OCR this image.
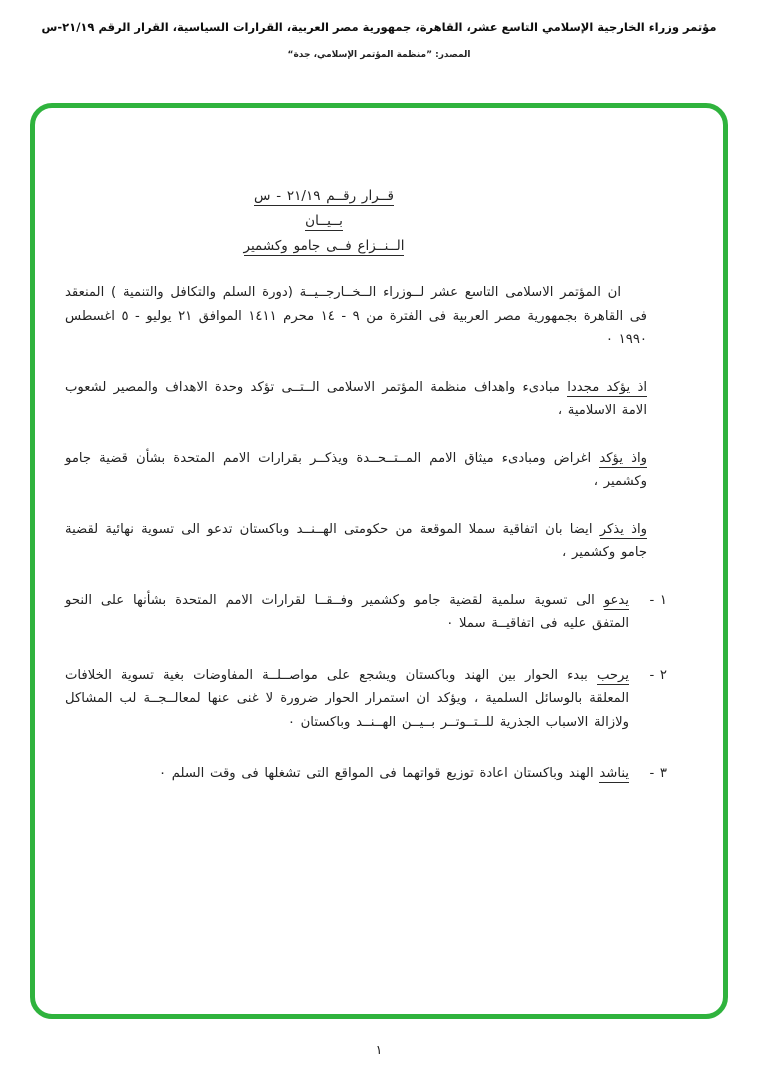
مؤتمر وزراء الخارجية الإسلامي التاسع عشر، القاهرة، جمهورية مصر العربية، القرارات السياسية، القرار الرقم ٢١/١٩-س
المصدر: ”منظمة المؤتمر الإسلامي، جدة“
قــرار رقــم ٢١/١٩ - س
بــيــان
الــنــزاع فــى جامو وكشمير

ان المؤتمر الاسلامى التاسع عشر لــوزراء الــخــارجــيــة (دورة السلم والتكافل والتنمية ) المنعقد فى القاهرة بجمهورية مصر العربية فى الفترة من ٩ - ١٤ محرم ١٤١١ الموافق ٢١ يوليو - ٥ اغسطس ١٩٩٠ ٠

اذ يؤكد مجددا مبادىء واهداف منظمة المؤتمر الاسلامى الــتــى تؤكد وحدة الاهداف والمصير لشعوب الامة الاسلامية ،

واذ يؤكد اغراض ومبادىء ميثاق الامم المــتــحــدة ويذكــر بقرارات الامم المتحدة بشأن قضية جامو وكشمير ،

واذ يذكر ايضا بان اتفاقية سملا الموقعة من حكومتى الهــنــد وباكستان تدعو الى تسوية نهائية لقضية جامو وكشمير ،

١ -
يدعو الى تسوية سلمية لقضية جامو وكشمير وفــقــا لقرارات الامم المتحدة بشأنها على النحو المتفق عليه فى اتفاقيــة سملا ٠
٢ -
يرحب ببدء الحوار بين الهند وباكستان ويشجع على مواصــلــة المفاوضات بغية تسوية الخلافات المعلقة بالوسائل السلمية ، ويؤكد ان استمرار الحوار ضرورة لا غنى عنها لمعالــجــة لب المشاكل ولازالة الاسباب الجذرية للــتــوتــر بــيــن الهــنــد وباكستان ٠
٣ -
يناشد الهند وباكستان اعادة توزيع قواتهما فى المواقع التى تشغلها فى وقت السلم ٠
١
